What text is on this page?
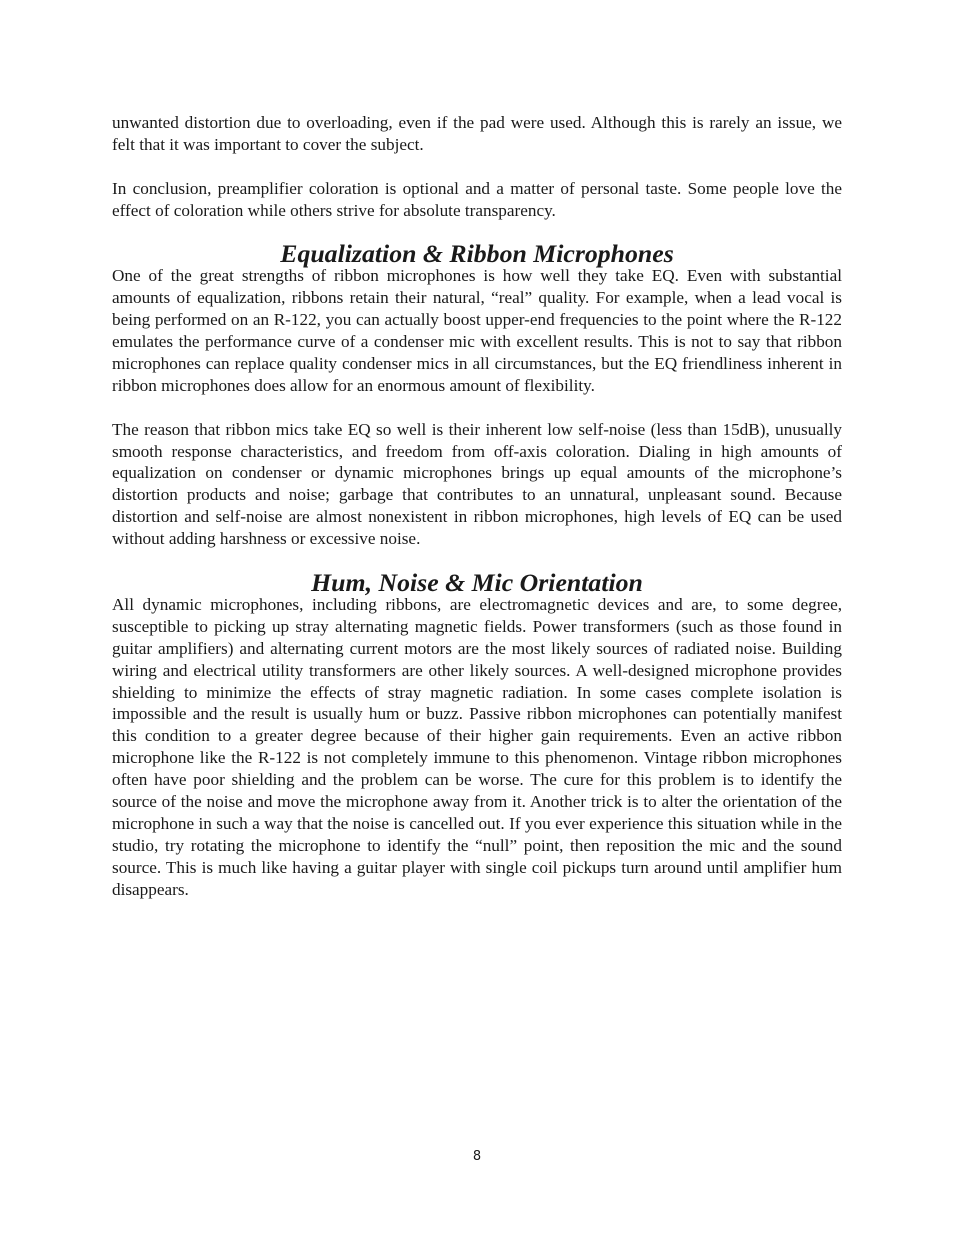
unwanted distortion due to overloading, even if the pad were used. Although this is rarely an issue, we felt that it was important to cover the subject.

In conclusion, preamplifier coloration is optional and a matter of personal taste. Some people love the effect of coloration while others strive for absolute transparency.

Equalization & Ribbon Microphones

One of the great strengths of ribbon microphones is how well they take EQ. Even with substantial amounts of equalization, ribbons retain their natural, “real” quality. For example, when a lead vocal is being performed on an R-122, you can actually boost upper-end frequencies to the point where the R-122 emulates the performance curve of a condenser mic with excellent results. This is not to say that ribbon microphones can replace quality condenser mics in all circumstances, but the EQ friendliness inherent in ribbon microphones does allow for an enormous amount of flexibility.

The reason that ribbon mics take EQ so well is their inherent low self-noise (less than 15dB), unusually smooth response characteristics, and freedom from off-axis coloration. Dialing in high amounts of equalization on condenser or dynamic microphones brings up equal amounts of the microphone’s distortion products and noise; garbage that contributes to an unnatural, unpleasant sound. Because distortion and self-noise are almost nonexistent in ribbon microphones, high levels of EQ can be used without adding harshness or excessive noise.

Hum, Noise & Mic Orientation

All dynamic microphones, including ribbons, are electromagnetic devices and are, to some degree, susceptible to picking up stray alternating magnetic fields. Power transformers (such as those found in guitar amplifiers) and alternating current motors are the most likely sources of radiated noise. Building wiring and electrical utility transformers are other likely sources. A well-designed microphone provides shielding to minimize the effects of stray magnetic radiation. In some cases complete isolation is impossible and the result is usually hum or buzz. Passive ribbon microphones can potentially manifest this condition to a greater degree because of their higher gain requirements. Even an active ribbon microphone like the R-122 is not completely immune to this phenomenon. Vintage ribbon microphones often have poor shielding and the problem can be worse. The cure for this problem is to identify the source of the noise and move the microphone away from it. Another trick is to alter the orientation of the microphone in such a way that the noise is cancelled out. If you ever experience this situation while in the studio, try rotating the microphone to identify the “null” point, then reposition the mic and the sound source. This is much like having a guitar player with single coil pickups turn around until amplifier hum disappears.

8
